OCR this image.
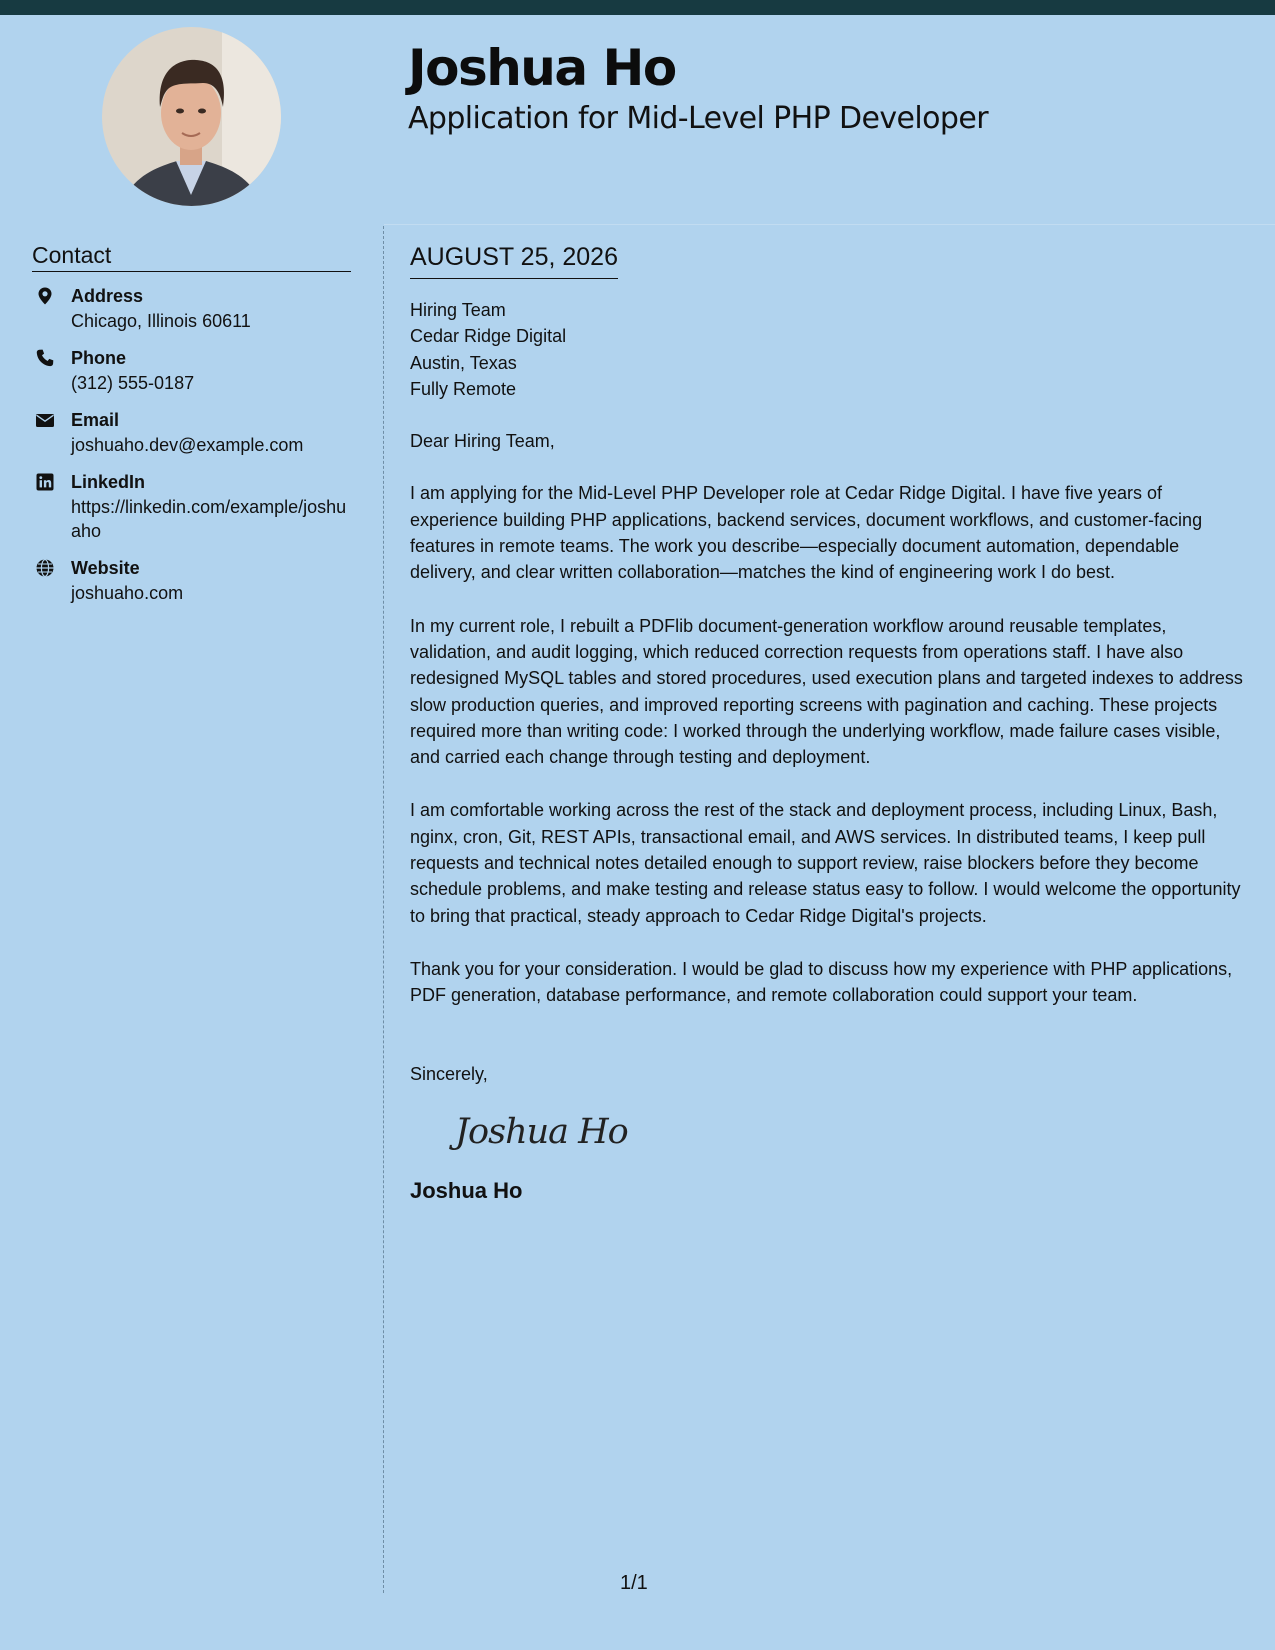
Joshua Ho
Application for Mid-Level PHP Developer
Contact
Address
Chicago, Illinois 60611
Phone
(312) 555-0187
Email
joshuaho.dev@example.com
LinkedIn
https://linkedin.com/example/joshuaho
Website
joshuaho.com
AUGUST 25, 2026
Hiring Team
Cedar Ridge Digital
Austin, Texas
Fully Remote

Dear Hiring Team,

I am applying for the Mid-Level PHP Developer role at Cedar Ridge Digital. I have five years of experience building PHP applications, backend services, document workflows, and customer-facing features in remote teams. The work you describe—especially document automation, dependable delivery, and clear written collaboration—matches the kind of engineering work I do best.

In my current role, I rebuilt a PDFlib document-generation workflow around reusable templates, validation, and audit logging, which reduced correction requests from operations staff. I have also redesigned MySQL tables and stored procedures, used execution plans and targeted indexes to address slow production queries, and improved reporting screens with pagination and caching. These projects required more than writing code: I worked through the underlying workflow, made failure cases visible, and carried each change through testing and deployment.

I am comfortable working across the rest of the stack and deployment process, including Linux, Bash, nginx, cron, Git, REST APIs, transactional email, and AWS services. In distributed teams, I keep pull requests and technical notes detailed enough to support review, raise blockers before they become schedule problems, and make testing and release status easy to follow. I would welcome the opportunity to bring that practical, steady approach to Cedar Ridge Digital's projects.

Thank you for your consideration. I would be glad to discuss how my experience with PHP applications, PDF generation, database performance, and remote collaboration could support your team.

Sincerely,

Joshua Ho
Joshua Ho
1/1
